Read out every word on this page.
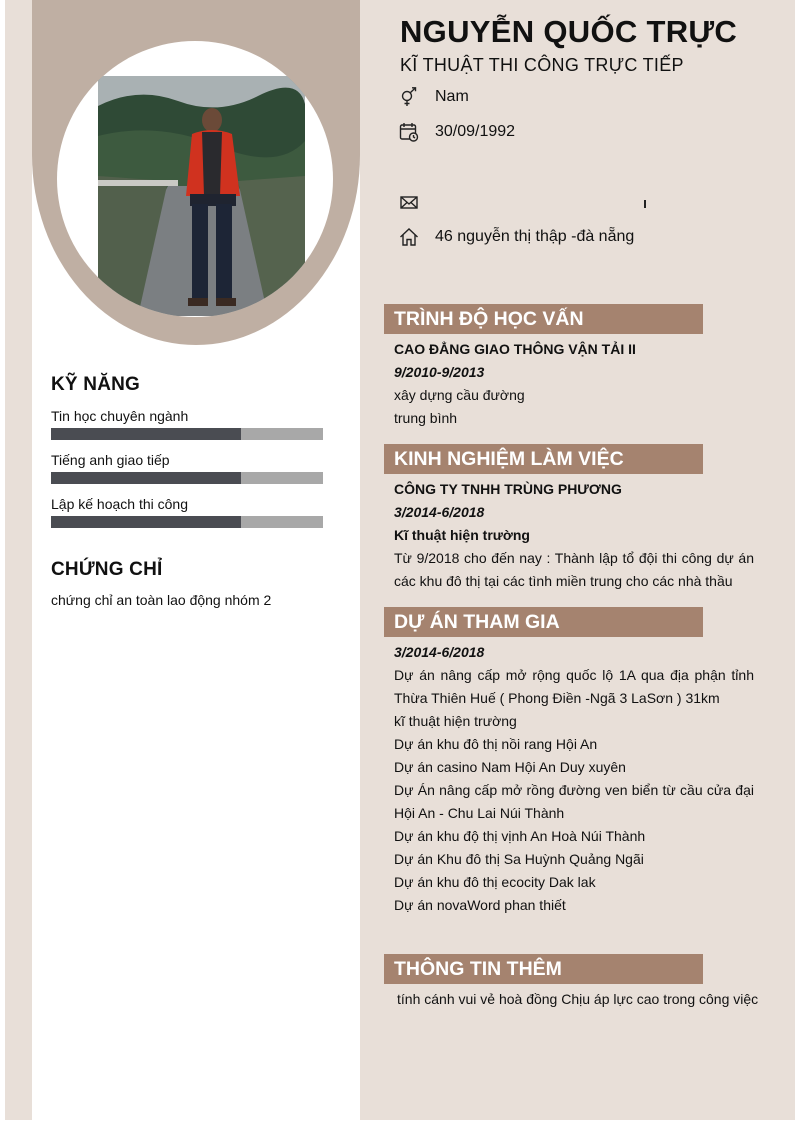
KỸ NĂNG
Tin học chuyên ngành
Tiếng anh giao tiếp
Lập kế hoạch thi công
CHỨNG CHỈ
chứng chỉ an toàn lao động nhóm 2
NGUYỄN QUỐC TRỰC
KĨ THUẬT THI CÔNG TRỰC TIẾP
Nam
30/09/1992
46 nguyễn thị thập -đà nẵng
TRÌNH ĐỘ HỌC VẤN
CAO ĐẲNG GIAO THÔNG VẬN TẢI II
9/2010-9/2013
xây dựng cầu đường
trung bình
KINH NGHIỆM LÀM VIỆC
CÔNG TY TNHH TRÙNG PHƯƠNG
3/2014-6/2018
Kĩ thuật hiện trường
Từ 9/2018 cho đến nay : Thành lập tổ đội thi công dự án các khu đô thị tại các tình miền trung cho các nhà thầu
DỰ ÁN THAM GIA
3/2014-6/2018
Dự án nâng cấp mở rộng quốc lộ 1A qua địa phận tỉnh Thừa Thiên Huế ( Phong Điền -Ngã 3 LaSơn ) 31km
kĩ thuật hiện trường
Dự án khu đô thị nồi rang Hội An
Dự án casino Nam Hội An Duy xuyên
Dự Án nâng cấp mở rồng đường ven biển từ cầu cửa đại Hội An - Chu Lai Núi Thành
Dự án khu độ thị vịnh An Hoà Núi Thành
Dự án Khu đô thị Sa Huỳnh Quảng Ngãi
Dự án khu đô thị ecocity Dak lak
Dự án novaWord phan thiết
THÔNG TIN THÊM
tính cánh vui vẻ hoà đồng Chịu áp lực cao trong công việc
